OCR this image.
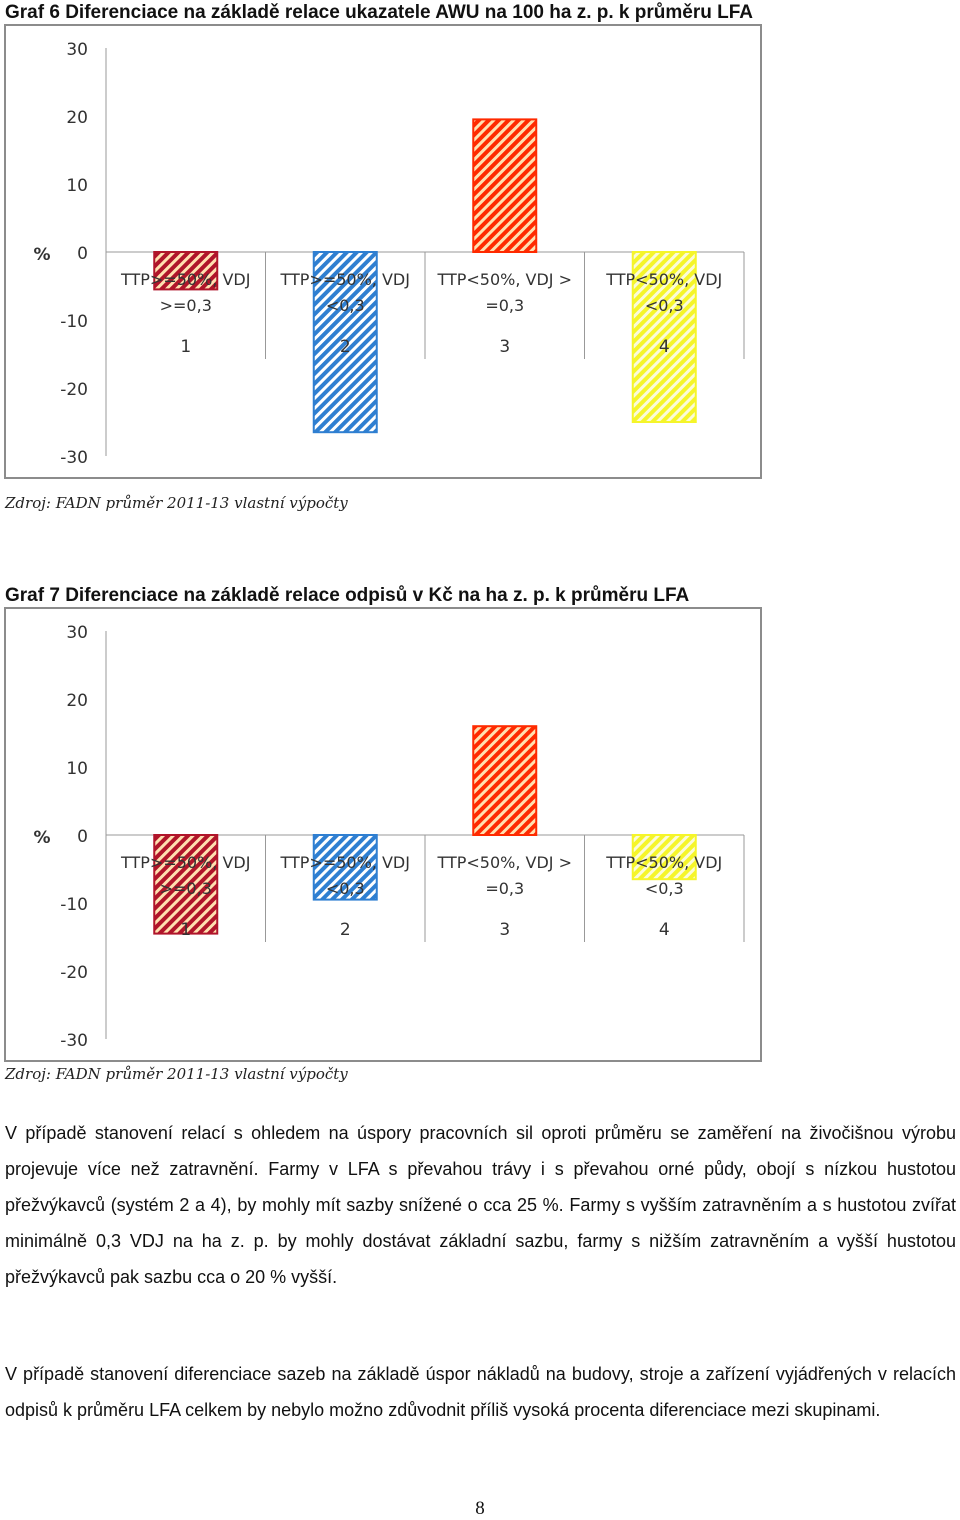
Graf 6 Diferenciace na základě relace ukazatele AWU na 100 ha z. p. k průměru LFA
30
20
10
0
-10
-20
-30
%
TTP>=50%, VDJ
>=0,3
1
TTP>=50%, VDJ
<0,3
2
TTP<50%, VDJ >
=0,3
3
TTP<50%, VDJ
<0,3
4
Zdroj: FADN průměr 2011-13 vlastní výpočty
Graf 7 Diferenciace na základě relace odpisů v Kč na ha z. p. k průměru LFA
30
20
10
0
-10
-20
-30
%
TTP>=50%, VDJ
>=0,3
1
TTP>=50%, VDJ
<0,3
2
TTP<50%, VDJ >
=0,3
3
TTP<50%, VDJ
<0,3
4
Zdroj: FADN průměr 2011-13 vlastní výpočty

V případě stanovení relací s ohledem na úspory pracovních sil oproti průměru se zaměření na živočišnou výrobu projevuje více než zatravnění. Farmy v LFA s převahou trávy i s převahou orné půdy, obojí s nízkou hustotou přežvýkavců (systém 2 a 4), by mohly mít sazby snížené o cca 25 %. Farmy s vyšším zatravněním a s hustotou zvířat minimálně 0,3 VDJ na ha z. p. by mohly dostávat základní sazbu, farmy s nižším zatravněním a vyšší hustotou přežvýkavců pak sazbu cca o 20 % vyšší.

V případě stanovení diferenciace sazeb na základě úspor nákladů na budovy, stroje a zařízení vyjádřených v relacích odpisů k průměru LFA celkem by nebylo možno zdůvodnit příliš vysoká procenta diferenciace mezi skupinami.

8
